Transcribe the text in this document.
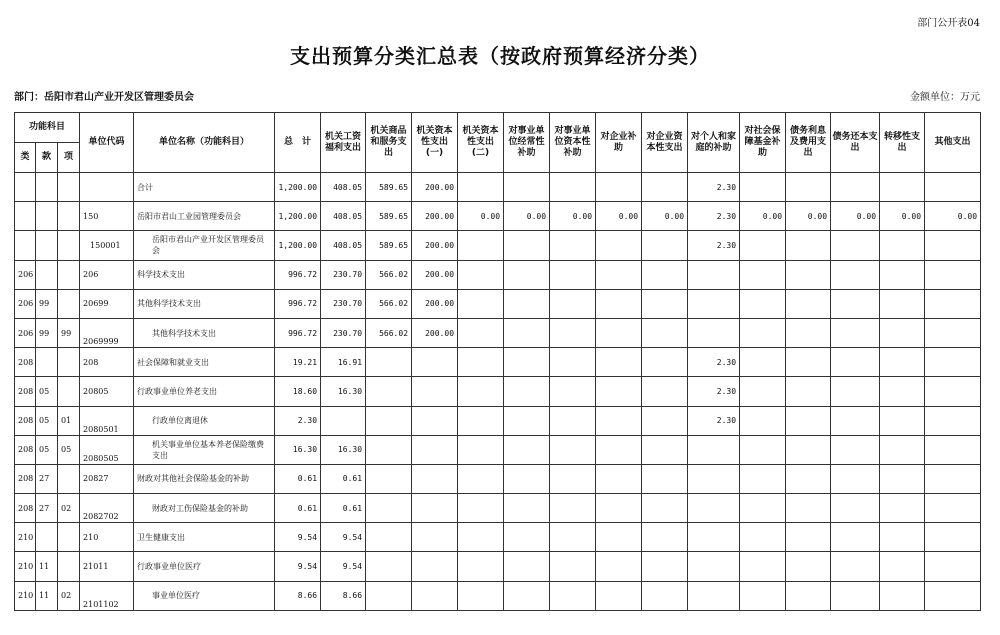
部门公开表04
支出预算分类汇总表（按政府预算经济分类）
部门：岳阳市君山产业开发区管理委员会	金额单位：万元
功能科目			单位代码	单位名称（功能科目）	总　计	机关工资福利支出	机关商品和服务支出	机关资本性支出(一)	机关资本性支出(二)	对事业单位经常性补助	对事业单位资本性补助	对企业补助	对企业资本性支出	对个人和家庭的补助	对社会保障基金补助	债务利息及费用支出	债务还本支出	转移性支出	其他支出
类	款	项																	
				合计	1,200.00	408.05	589.65	200.00						2.30					
			150	岳阳市君山工业园管理委员会	1,200.00	408.05	589.65	200.00	0.00	0.00	0.00	0.00	0.00	2.30	0.00	0.00	0.00	0.00	0.00
			150001	岳阳市君山产业开发区管理委员会	1,200.00	408.05	589.65	200.00						2.30					
206			206	科学技术支出	996.72	230.70	566.02	200.00											
206	99		20699	其他科学技术支出	996.72	230.70	566.02	200.00											
206	99	99	2069999	其他科学技术支出	996.72	230.70	566.02	200.00											
208			208	社会保障和就业支出	19.21	16.91								2.30					
208	05		20805	行政事业单位养老支出	18.60	16.30								2.30					
208	05	01	2080501	行政单位离退休	2.30									2.30					
208	05	05	2080505	机关事业单位基本养老保险缴费支出	16.30	16.30													
208	27		20827	财政对其他社会保险基金的补助	0.61	0.61													
208	27	02	2082702	财政对工伤保险基金的补助	0.61	0.61													
210			210	卫生健康支出	9.54	9.54													
210	11		21011	行政事业单位医疗	9.54	9.54													
210	11	02	2101102	事业单位医疗	8.66	8.66													
